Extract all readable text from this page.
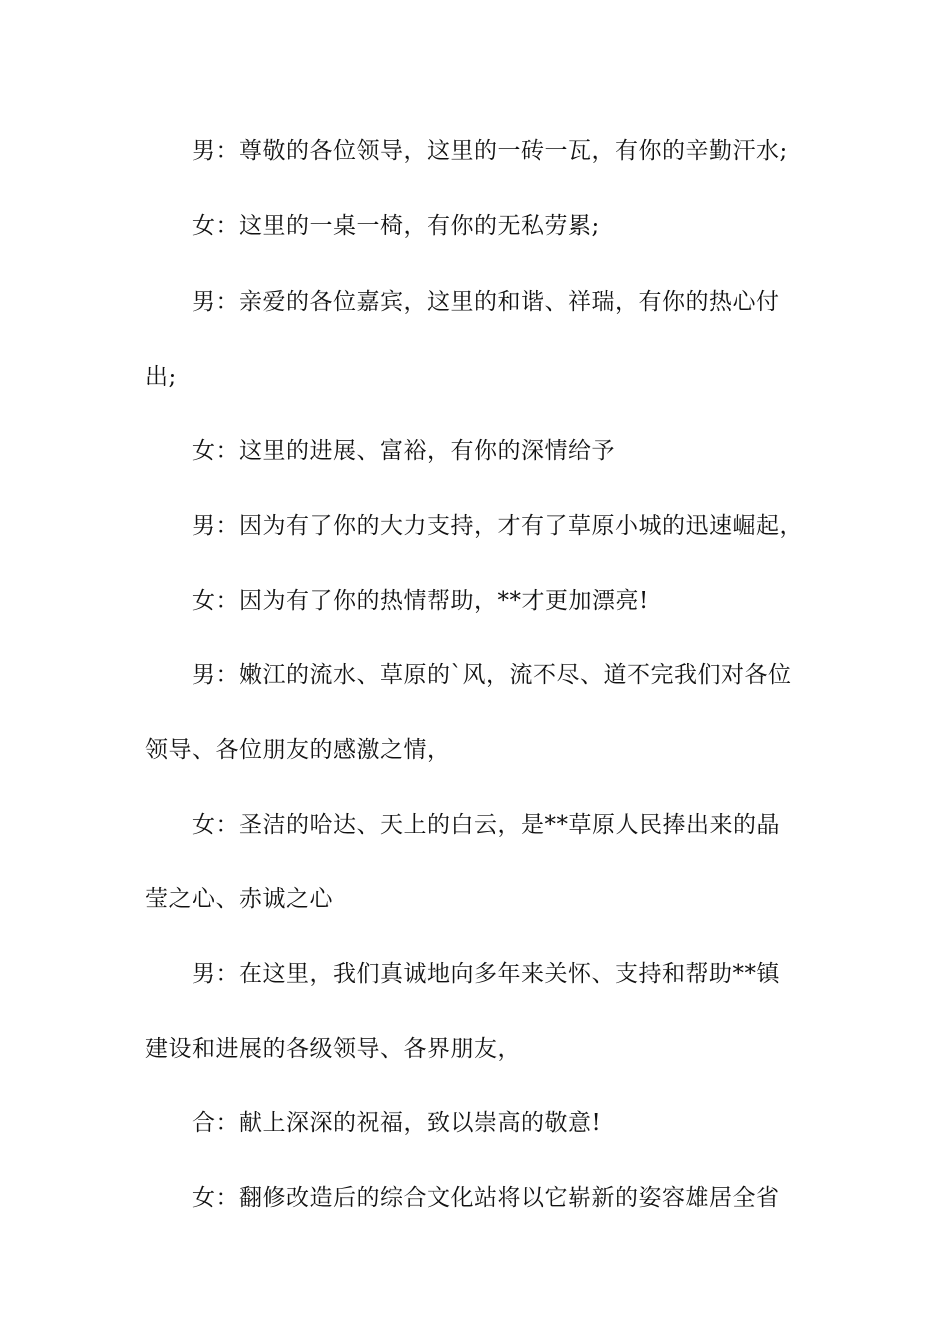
男：尊敬的各位领导，这里的一砖一瓦，有你的辛勤汗水;
女：这里的一桌一椅，有你的无私劳累;
男：亲爱的各位嘉宾，这里的和谐、祥瑞，有你的热心付
出;
女：这里的进展、富裕，有你的深情给予
男：因为有了你的大力支持，才有了草原小城的迅速崛起，
女：因为有了你的热情帮助，**才更加漂亮!
男：嫩江的流水、草原的`风，流不尽、道不完我们对各位
领导、各位朋友的感激之情，
女：圣洁的哈达、天上的白云，是**草原人民捧出来的晶
莹之心、赤诚之心
男：在这里，我们真诚地向多年来关怀、支持和帮助**镇
建设和进展的各级领导、各界朋友，
合：献上深深的祝福，致以崇高的敬意!
女：翻修改造后的综合文化站将以它崭新的姿容雄居全省
